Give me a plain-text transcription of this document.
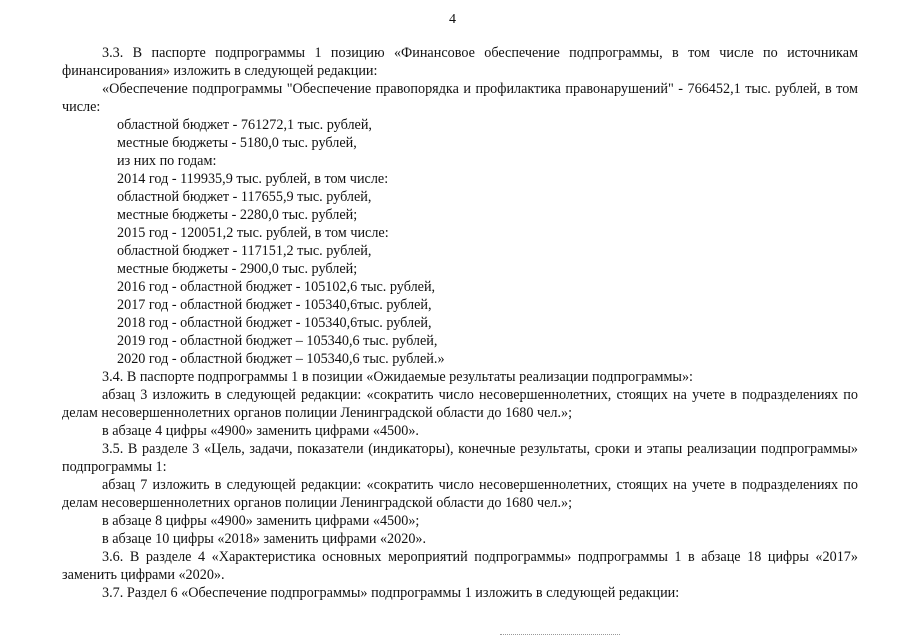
4

3.3. В паспорте подпрограммы 1 позицию «Финансовое обеспечение подпрограммы, в том числе по источникам финансирования» изложить в следующей редакции:

«Обеспечение подпрограммы "Обеспечение правопорядка и профилактика правонарушений" - 766452,1 тыс. рублей, в том числе:

областной бюджет - 761272,1 тыс. рублей,

местные бюджеты - 5180,0 тыс. рублей,

из них по годам:

2014 год - 119935,9 тыс. рублей, в том числе:

областной бюджет - 117655,9 тыс. рублей,

местные бюджеты - 2280,0 тыс. рублей;

2015 год - 120051,2 тыс. рублей, в том числе:

областной бюджет - 117151,2 тыс. рублей,

местные бюджеты - 2900,0 тыс. рублей;

2016 год - областной бюджет - 105102,6 тыс. рублей,

2017 год - областной бюджет - 105340,6тыс. рублей,

2018 год - областной бюджет - 105340,6тыс. рублей,

2019 год - областной бюджет – 105340,6 тыс. рублей,

2020 год - областной бюджет – 105340,6 тыс. рублей.»

3.4. В паспорте подпрограммы 1 в позиции «Ожидаемые результаты реализации подпрограммы»:

абзац 3 изложить в следующей редакции: «сократить число несовершеннолетних, стоящих на учете в подразделениях по делам несовершеннолетних органов полиции Ленинградской области до 1680 чел.»;

в абзаце 4 цифры «4900» заменить цифрами «4500».

3.5. В разделе 3 «Цель, задачи, показатели (индикаторы), конечные результаты, сроки и этапы реализации подпрограммы» подпрограммы 1:

абзац 7 изложить в следующей редакции: «сократить число несовершеннолетних, стоящих на учете в подразделениях по делам несовершеннолетних органов полиции Ленинградской области до 1680 чел.»;

в абзаце 8 цифры «4900» заменить цифрами «4500»;

в абзаце 10 цифры «2018» заменить цифрами «2020».

3.6. В разделе 4 «Характеристика основных мероприятий подпрограммы» подпрограммы 1 в абзаце 18 цифры «2017» заменить цифрами «2020».

3.7. Раздел 6 «Обеспечение подпрограммы» подпрограммы 1 изложить в следующей редакции:
